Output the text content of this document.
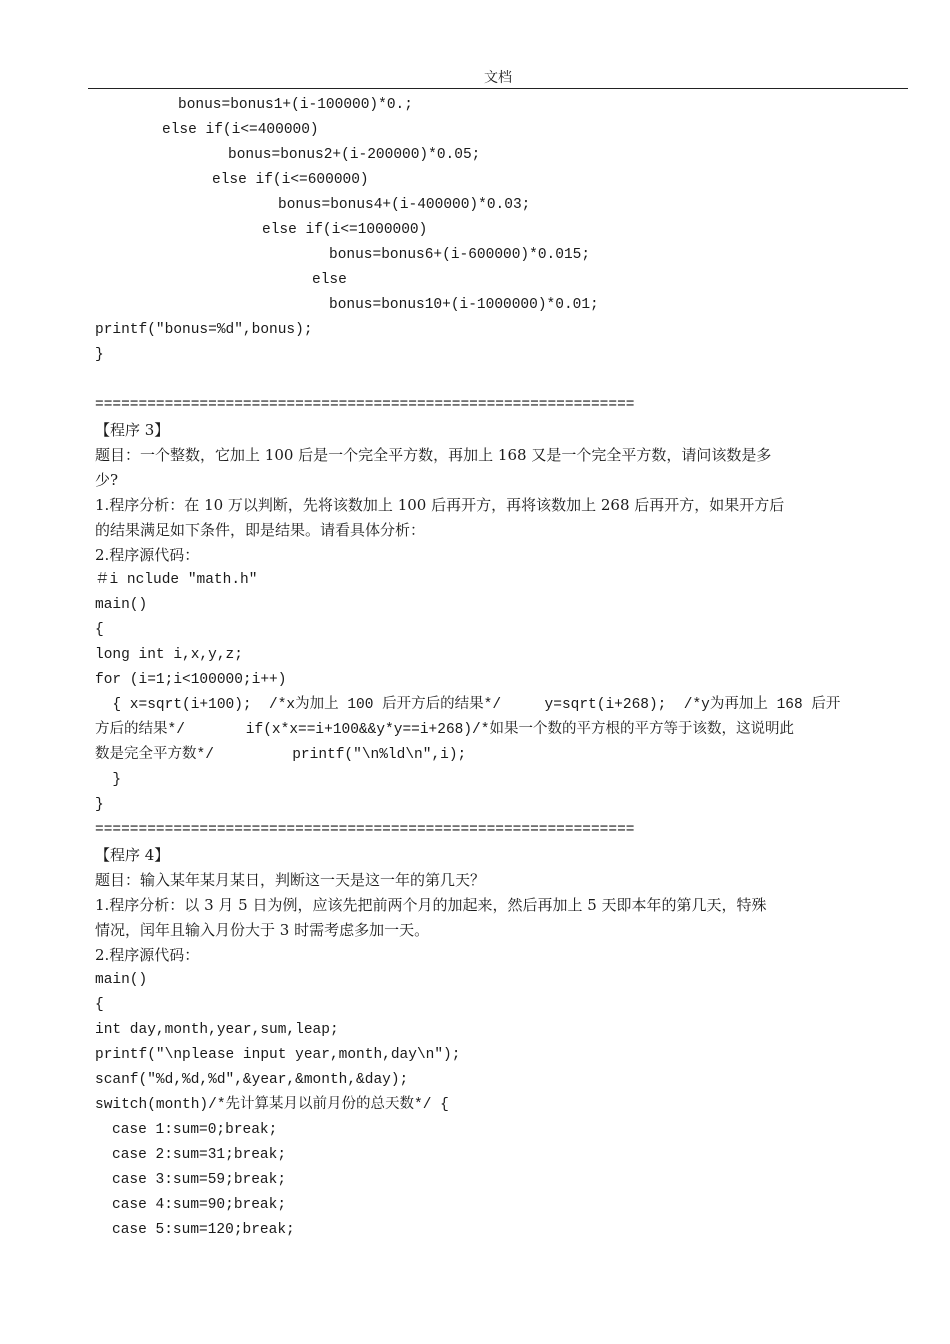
文档
bonus=bonus1+(i-100000)*0.;
else if(i<=400000)
bonus=bonus2+(i-200000)*0.05;
else if(i<=600000)
bonus=bonus4+(i-400000)*0.03;
else if(i<=1000000)
bonus=bonus6+(i-600000)*0.015;
else
bonus=bonus10+(i-1000000)*0.01;
printf("bonus=%d",bonus);
}
==============================================================
【程序 3】
题目：一个整数，它加上 100 后是一个完全平方数，再加上 168 又是一个完全平方数，请问该数是多
少?
1.程序分析：在 10 万以判断，先将该数加上 100 后再开方，再将该数加上 268 后再开方，如果开方后
的结果满足如下条件，即是结果。请看具体分析：
2.程序源代码：
＃i nclude "math.h"
main()
{
long int i,x,y,z;
for (i=1;i<100000;i++)
{ x=sqrt(i+100);  /*x为加上 100 后开方后的结果*/     y=sqrt(i+268);  /*y为再加上 168 后开
方后的结果*/       if(x*x==i+100&&y*y==i+268)/*如果一个数的平方根的平方等于该数，这说明此
数是完全平方数*/         printf("\n%ld\n",i);
}
}
==============================================================
【程序 4】
题目：输入某年某月某日，判断这一天是这一年的第几天？
1.程序分析：以 3 月 5 日为例，应该先把前两个月的加起来，然后再加上 5 天即本年的第几天，特殊
情况，闰年且输入月份大于 3 时需考虑多加一天。
2.程序源代码：
main()
{
int day,month,year,sum,leap;
printf("\nplease input year,month,day\n");
scanf("%d,%d,%d",&year,&month,&day);
switch(month)/*先计算某月以前月份的总天数*/ {
case 1:sum=0;break;
case 2:sum=31;break;
case 3:sum=59;break;
case 4:sum=90;break;
case 5:sum=120;break;
